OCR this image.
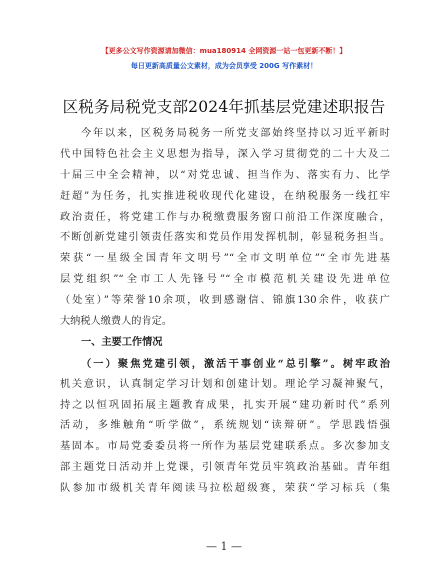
【更多公文写作资源请加微信：mua180914 全网资源一站一包更新不断！】
每日更新高质量公文素材，成为会员享受 200G 写作素材！
区税务局税党支部2024年抓基层党建述职报告
今年以来，区税务局税务一所党支部始终坚持以习近平新时
代中国特色社会主义思想为指导，深入学习贯彻党的二十大及二
十届三中全会精神，以“对党忠诚、担当作为、落实有力、比学
赶超”为任务，扎实推进税收现代化建设，在纳税服务一线扛牢
政治责任，将党建工作与办税缴费服务窗口前沿工作深度融合，
不断创新党建引领责任落实和党员作用发挥机制，彰显税务担当。
荣获“一星级全国青年文明号”“全市文明单位”“全市先进基
层党组织”“全市工人先锋号”“全市模范机关建设先进单位
（处室）”等荣誉10余项，收到感谢信、锦旗130余件，收获广
大纳税人缴费人的肯定。
一、主要工作情况
（一）聚焦党建引领，激活干事创业“总引擎”。树牢政治
机关意识，认真制定学习计划和创建计划。理论学习凝神聚气，
持之以恒巩固拓展主题教育成果，扎实开展“建功新时代”系列
活动，多维触角“听学做”，系统规划“读辩研”。学思践悟强
基固本。市局党委委员将一所作为基层党建联系点。多次参加支
部主题党日活动并上党课，引领青年党员牢筑政治基础。青年组
队参加市级机关青年阅读马拉松超级赛，荣获“学习标兵（集
— 1 —
